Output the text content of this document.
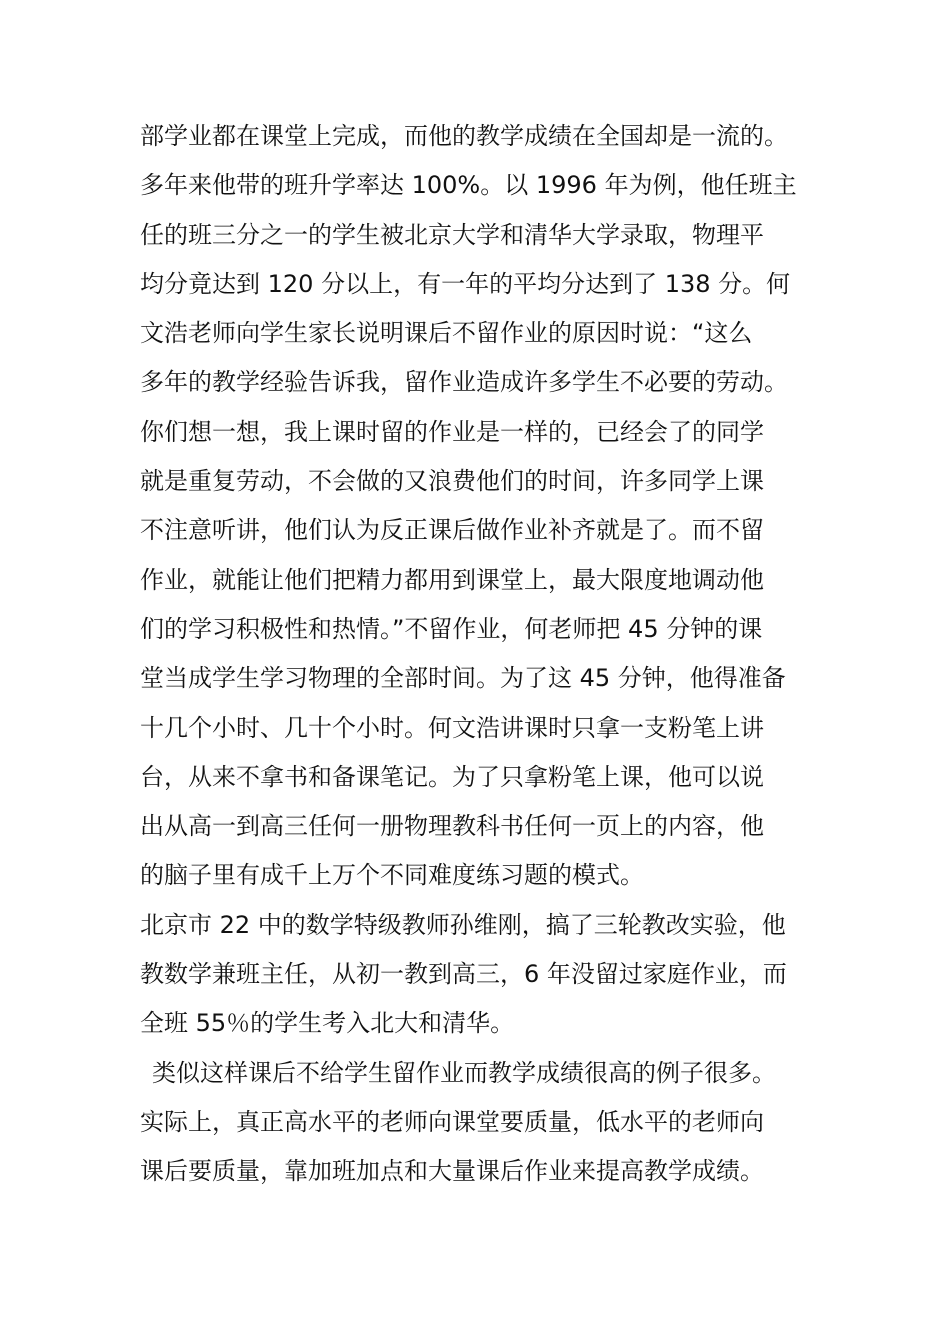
部学业都在课堂上完成，而他的教学成绩在全国却是一流的。
多年来他带的班升学率达 100%。以 1996 年为例，他任班主
任的班三分之一的学生被北京大学和清华大学录取，物理平
均分竟达到 120 分以上，有一年的平均分达到了 138 分。何
文浩老师向学生家长说明课后不留作业的原因时说：“这么
多年的教学经验告诉我，留作业造成许多学生不必要的劳动。
你们想一想，我上课时留的作业是一样的，已经会了的同学
就是重复劳动，不会做的又浪费他们的时间，许多同学上课
不注意听讲，他们认为反正课后做作业补齐就是了。而不留
作业，就能让他们把精力都用到课堂上，最大限度地调动他
们的学习积极性和热情。”不留作业，何老师把 45 分钟的课
堂当成学生学习物理的全部时间。为了这 45 分钟，他得准备
十几个小时、几十个小时。何文浩讲课时只拿一支粉笔上讲
台，从来不拿书和备课笔记。为了只拿粉笔上课，他可以说
出从高一到高三任何一册物理教科书任何一页上的内容，他
的脑子里有成千上万个不同难度练习题的模式。
北京市 22 中的数学特级教师孙维刚，搞了三轮教改实验，他
教数学兼班主任，从初一教到高三，6 年没留过家庭作业，而
全班 55％的学生考入北大和清华。
类似这样课后不给学生留作业而教学成绩很高的例子很多。
实际上，真正高水平的老师向课堂要质量，低水平的老师向
课后要质量，靠加班加点和大量课后作业来提高教学成绩。
